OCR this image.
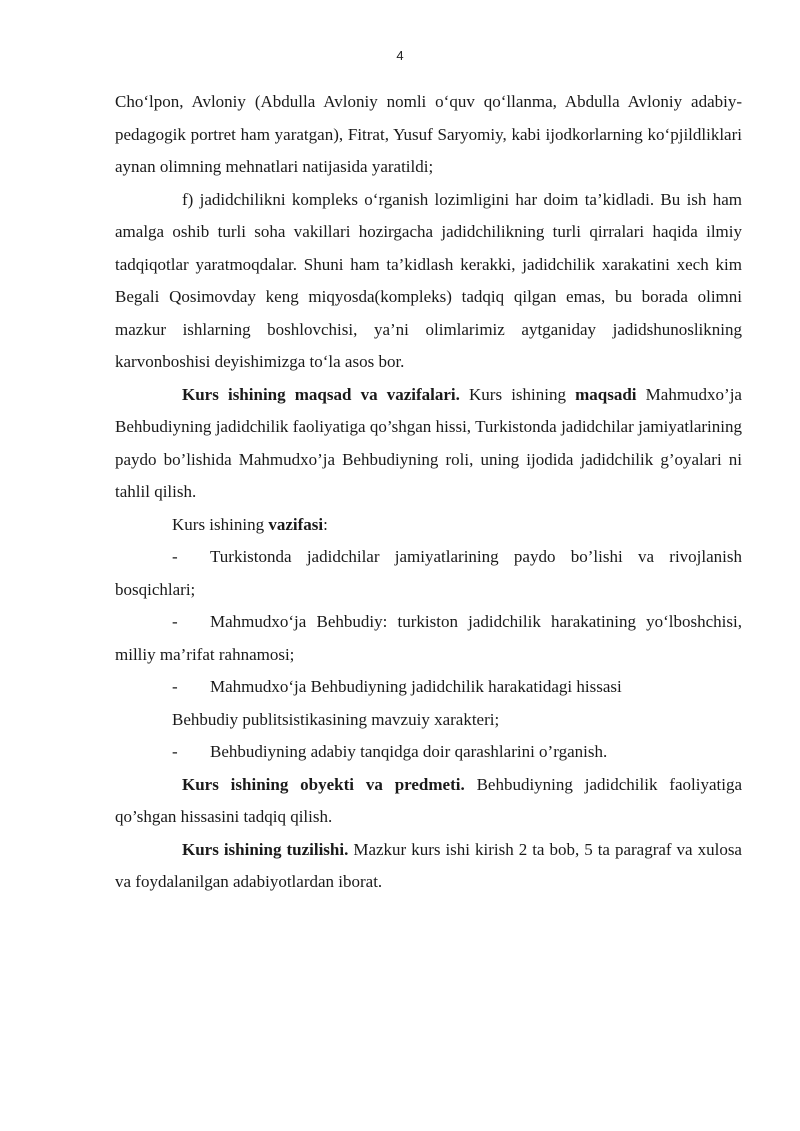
4

Cho‘lpon, Avloniy (Abdulla Avloniy nomli o‘quv qo‘llanma, Abdulla Avloniy adabiy- pedagogik portret ham yaratgan), Fitrat, Yusuf Saryomiy, kabi ijodkorlarning ko‘pjildliklari aynan olimning mehnatlari natijasida yaratildi;

f) jadidchilikni kompleks o‘rganish lozimligini har doim ta’kidladi. Bu ish ham amalga oshib turli soha vakillari hozirgacha jadidchilikning turli qirralari haqida ilmiy tadqiqotlar yaratmoqdalar. Shuni ham ta’kidlash kerakki, jadidchilik xarakatini xech kim Begali Qosimovday keng miqyosda(kompleks) tadqiq qilgan emas, bu borada olimni mazkur ishlarning boshlovchisi, ya’ni olimlarimiz aytganiday jadidshunoslikning karvonboshisi deyishimizga to‘la asos bor.

Kurs ishining maqsad va vazifalari. Kurs ishining maqsadi Mahmudxo’ja Behbudiyning jadidchilik faoliyatiga qo’shgan hissi, Turkistonda jadidchilar jamiyatlarining paydo bo’lishida Mahmudxo’ja Behbudiyning roli, uning ijodida jadidchilik g’oyalari ni tahlil qilish.

Kurs ishining vazifasi:

- Turkistonda jadidchilar jamiyatlarining paydo bo’lishi va rivojlanish bosqichlari;

- Mahmudxo‘ja Behbudiy: turkiston jadidchilik harakatining yo‘lboshchisi, milliy ma’rifat rahnamosi;

- Mahmudxo‘ja Behbudiyning jadidchilik harakatidagi hissasi

Behbudiy publitsistikasining mavzuiy xarakteri;

- Behbudiyning adabiy tanqidga doir qarashlarini o’rganish.

Kurs ishining obyekti va predmeti. Behbudiyning jadidchilik faoliyatiga qo’shgan hissasini tadqiq qilish.

Kurs ishining tuzilishi. Mazkur kurs ishi kirish 2 ta bob, 5 ta paragraf va xulosa va foydalanilgan adabiyotlardan iborat.
